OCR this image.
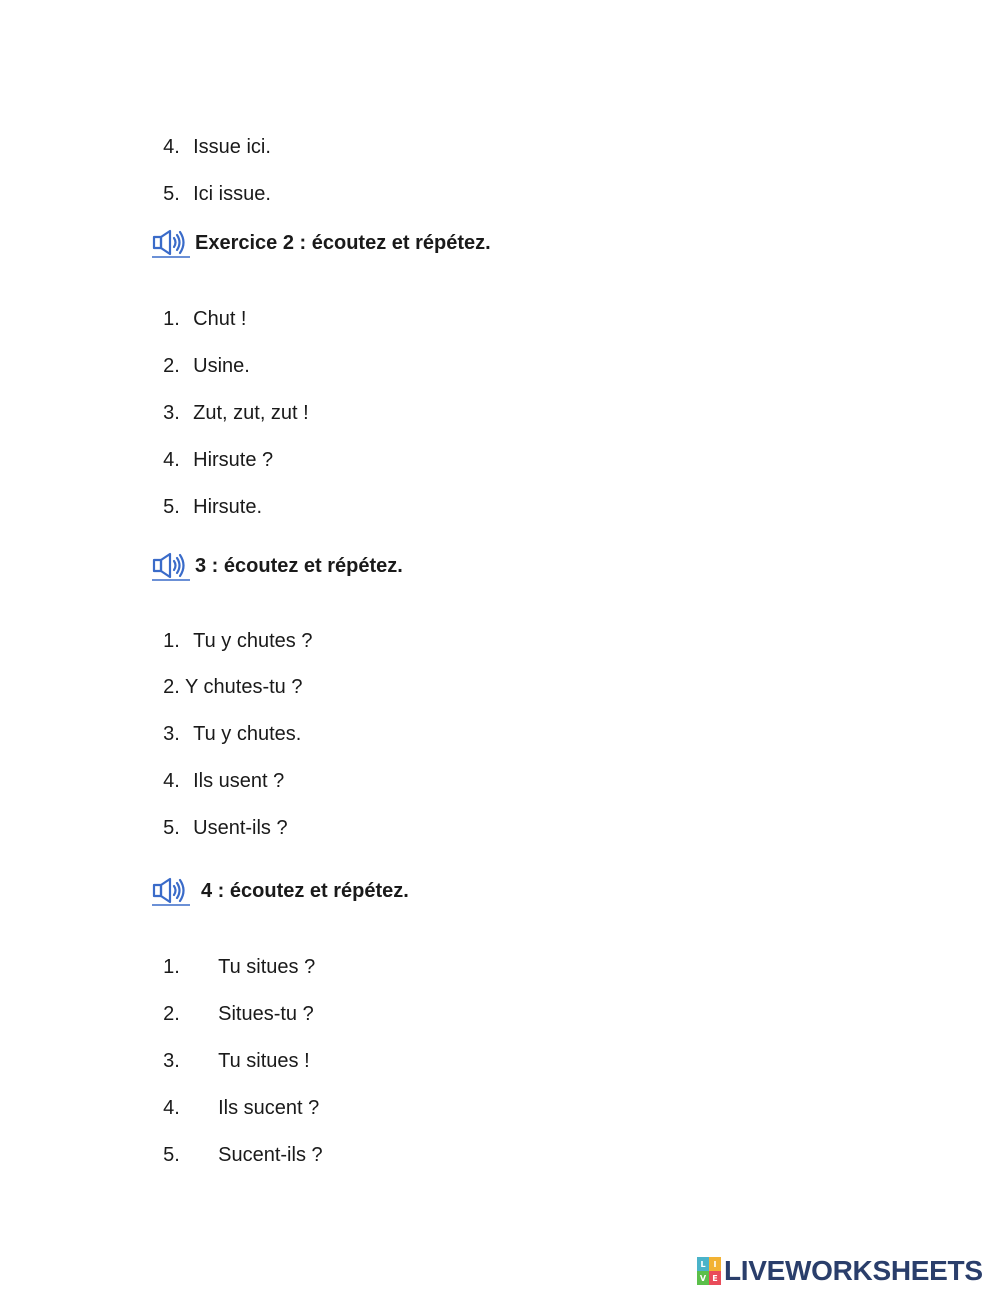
4. Issue ici.

5. Ici issue.

Exercice 2 : écoutez et répétez.

1. Chut !

2. Usine.

3. Zut, zut, zut !

4. Hirsute ?

5. Hirsute.

3 : écoutez et répétez.

1. Tu y chutes ?

2. Y chutes-tu ?

3. Tu y chutes.

4. Ils usent ?

5. Usent-ils ?

4 : écoutez et répétez.

1. Tu situes ?

2. Situes-tu ?

3. Tu situes !

4. Ils sucent ?

5. Sucent-ils ?

L I
V E LIVEWORKSHEETS
